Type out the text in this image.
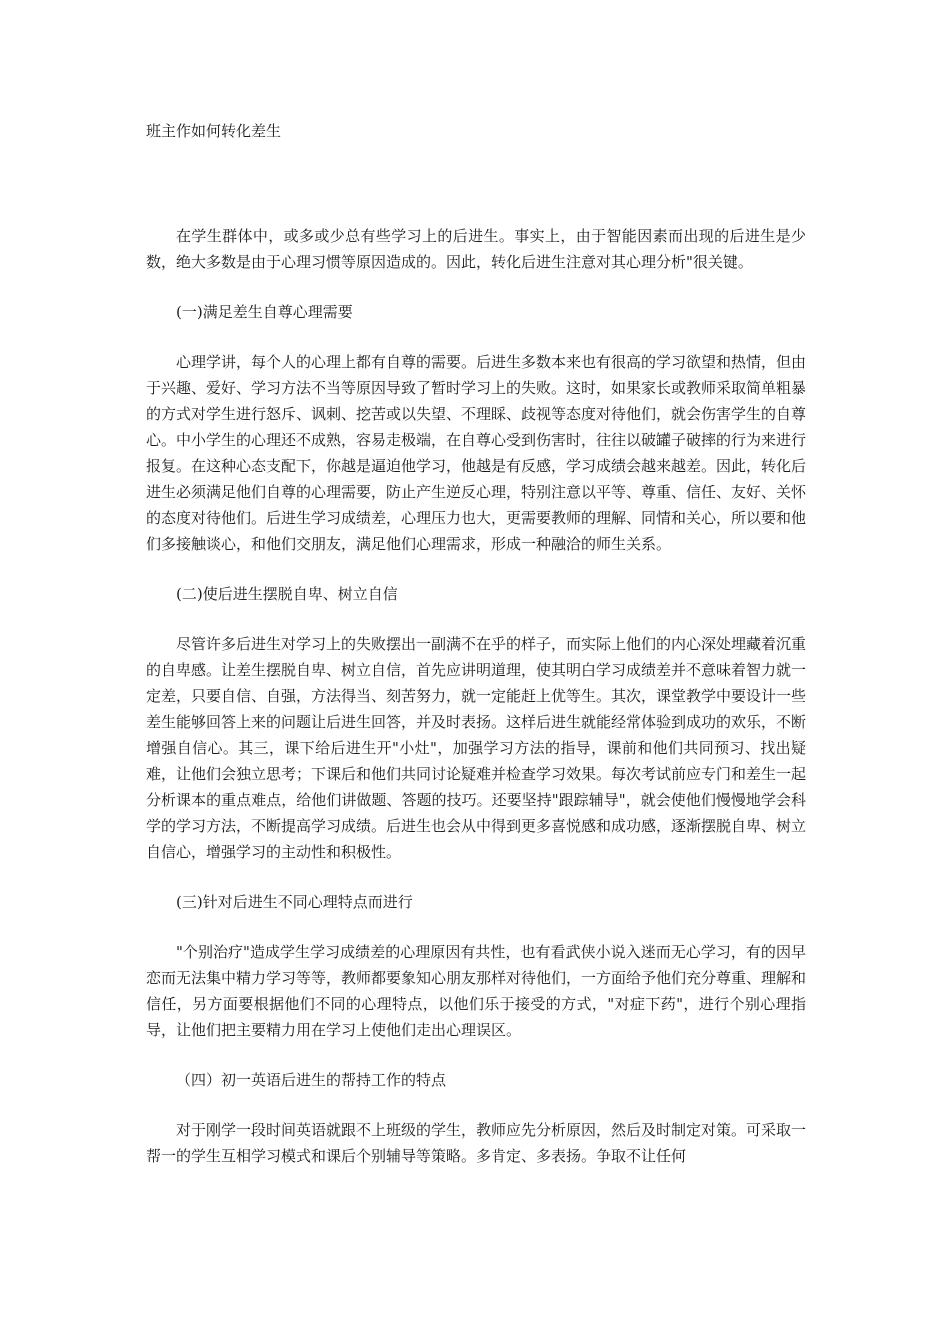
班主作如何转化差生

在学生群体中，或多或少总有些学习上的后进生。事实上，由于智能因素而出现的后进生是少数，绝大多数是由于心理习惯等原因造成的。因此，转化后进生注意对其心理分析"很关键。

(一)满足差生自尊心理需要

心理学讲，每个人的心理上都有自尊的需要。后进生多数本来也有很高的学习欲望和热情，但由于兴趣、爱好、学习方法不当等原因导致了暂时学习上的失败。这时，如果家长或教师采取简单粗暴的方式对学生进行怒斥、讽刺、挖苦或以失望、不理睬、歧视等态度对待他们，就会伤害学生的自尊心。中小学生的心理还不成熟，容易走极端，在自尊心受到伤害时，往往以破罐子破摔的行为来进行报复。在这种心态支配下，你越是逼迫他学习，他越是有反感，学习成绩会越来越差。因此，转化后进生必须满足他们自尊的心理需要，防止产生逆反心理，特别注意以平等、尊重、信任、友好、关怀的态度对待他们。后进生学习成绩差，心理压力也大，更需要教师的理解、同情和关心，所以要和他们多接触谈心，和他们交朋友，满足他们心理需求，形成一种融洽的师生关系。

(二)使后进生摆脱自卑、树立自信

尽管许多后进生对学习上的失败摆出一副满不在乎的样子，而实际上他们的内心深处埋藏着沉重的自卑感。让差生摆脱自卑、树立自信，首先应讲明道理，使其明白学习成绩差并不意味着智力就一定差，只要自信、自强，方法得当、刻苦努力，就一定能赶上优等生。其次，课堂教学中要设计一些差生能够回答上来的问题让后进生回答，并及时表扬。这样后进生就能经常体验到成功的欢乐，不断增强自信心。其三，课下给后进生开"小灶"，加强学习方法的指导，课前和他们共同预习、找出疑难，让他们会独立思考；下课后和他们共同讨论疑难并检查学习效果。每次考试前应专门和差生一起分析课本的重点难点，给他们讲做题、答题的技巧。还要坚持"跟踪辅导"，就会使他们慢慢地学会科学的学习方法，不断提高学习成绩。后进生也会从中得到更多喜悦感和成功感，逐渐摆脱自卑、树立自信心，增强学习的主动性和积极性。

(三)针对后进生不同心理特点而进行

"个别治疗"造成学生学习成绩差的心理原因有共性，也有看武侠小说入迷而无心学习，有的因早恋而无法集中精力学习等等，教师都要象知心朋友那样对待他们，一方面给予他们充分尊重、理解和信任，另方面要根据他们不同的心理特点，以他们乐于接受的方式，"对症下药"，进行个别心理指导，让他们把主要精力用在学习上使他们走出心理误区。

（四）初一英语后进生的帮持工作的特点

对于刚学一段时间英语就跟不上班级的学生，教师应先分析原因，然后及时制定对策。可采取一帮一的学生互相学习模式和课后个别辅导等策略。多肯定、多表扬。争取不让任何
